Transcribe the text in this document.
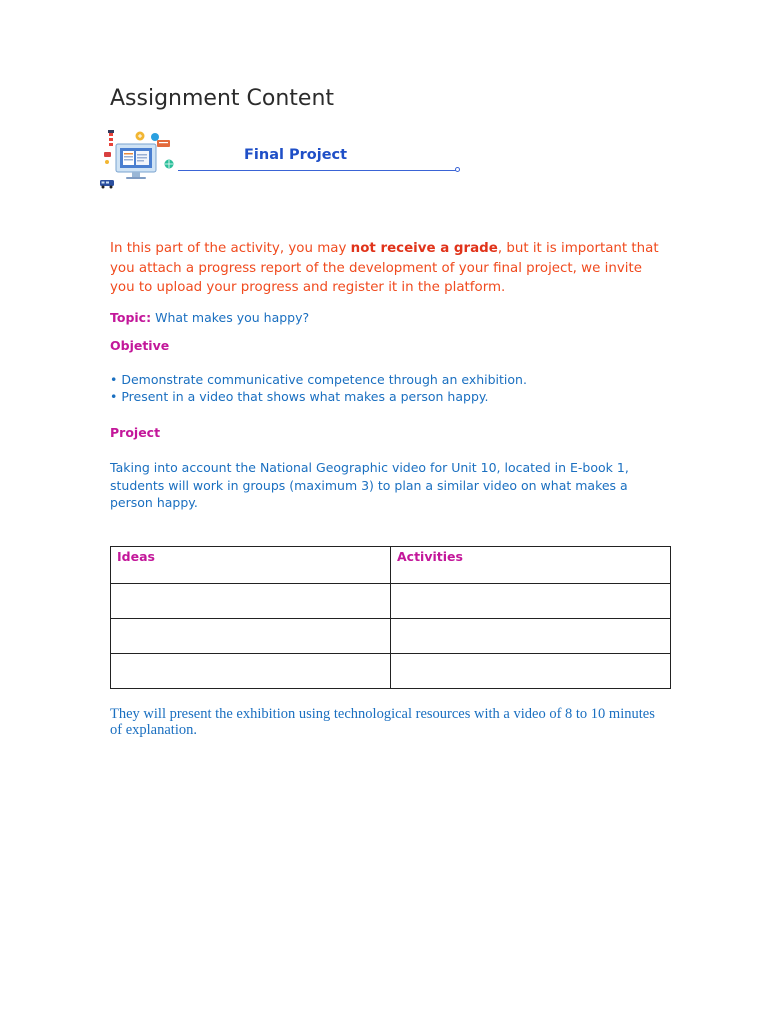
Assignment Content
Final Project
In this part of the activity, you may not receive a grade, but it is important that you attach a progress report of the development of your final project, we invite you to upload your progress and register it in the platform.
Topic: What makes you happy?
Objetive
• Demonstrate communicative competence through an exhibition.
• Present in a video that shows what makes a person happy.
Project
Taking into account the National Geographic video for Unit 10, located in E-book 1, students will work in groups (maximum 3) to plan a similar video on what makes a person happy.
Ideas	Activities

They will present the exhibition using technological resources with a video of 8 to 10 minutes of explanation.
